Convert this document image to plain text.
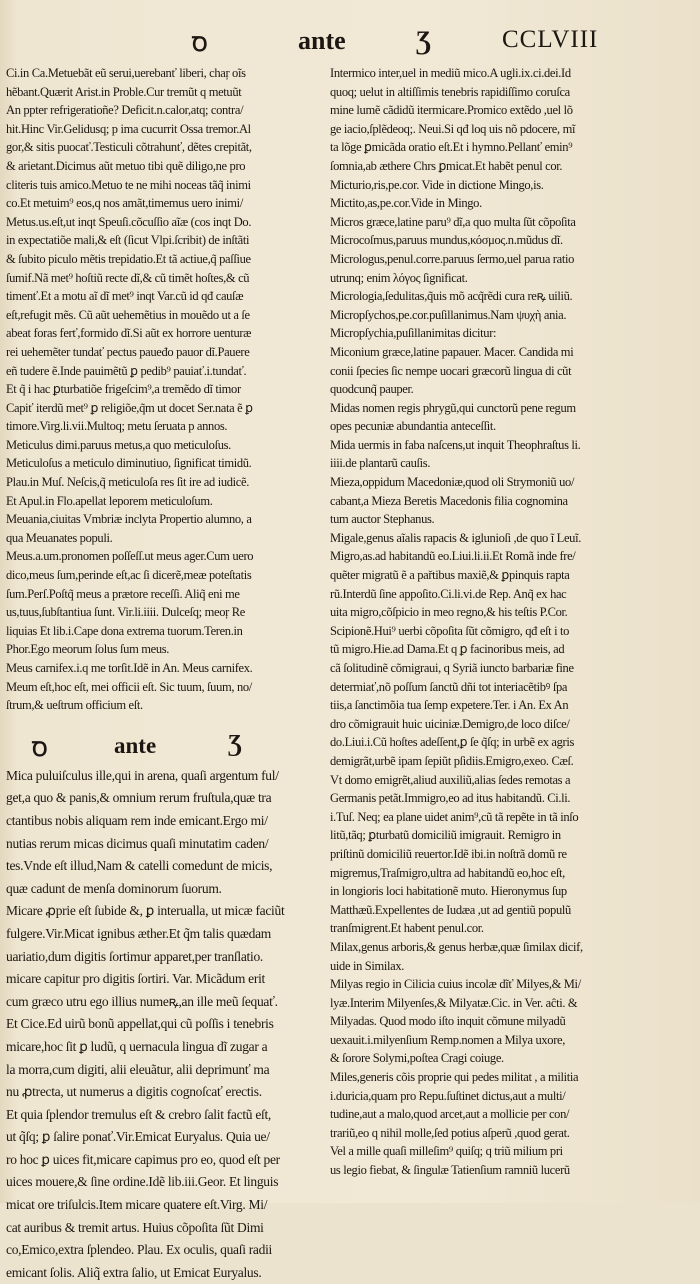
Ꝺ	ante	Ʒ	CCLVIII
Ci.in Ca.Metuebãt eũ serui,uerebanť liberi, chaŗ oĩs
hẽbant.Quærit Arist.in Proble.Cur tremũt q metuũt
An ppter refrigeratioñe? Deficit.n.calor,atq; contra/
hit.Hinc Vir.Gelidusq; p ima cucurrit Ossa tremor.Al
gor,& sitis puocať.Testiculi cõtrahunť, dẽtes crepitãt,
& arietant.Dicimus aũt metuo tibi quẽ diligo,ne pro
cliteris tuis amico.Metuo te ne mihi noceas tãq̃ inimi
co.Et metuim⁹ eos,q nos amãt,timemus uero inimi/
Metus.us.eſt,ut inqt Speuſi.cõcuſſio aĩæ (cos inqt Do.
in expectatiõe mali,& eſt (ſicut Vlpi.ſcribit) de inſtãti
& ſubito piculo mẽtis trepidatio.Et tã actiue,q̃ paſſiue
ſumif.Nã met⁹ hoſtiũ recte dĩ,& cũ timẽt hoſtes,& cũ
timenť.Et a motu aĩ dĩ met⁹ inqt Var.cũ id qđ cauſæ
eſt,refugit mẽs. Cũ aũt uehemẽtius in mouẽdo ut a ſe
abeat foras ferť,formido dĩ.Si aũt ex horrore uenturæ
rei uehemẽter tundať pectus paueđo pauor dĩ.Pauere
eñ tudere ẽ.Inde pauimẽtũ ꝑ pedib⁹ pauiať.i.tundať.
Et q̃ i hac ꝑturbatiõe frigeſcim⁹,a tremẽdo dĩ timor
Capiť iterdũ met⁹ ꝑ religiõe,q̃m ut docet Ser.nata ẽ ꝑ
timore.Virg.li.vii.Multoq; metu ſeruata p annos.
Meticulus dimi.paruus metus,a quo meticuloſus.
Meticuloſus a meticulo diminutiuo, ſignificat timidũ.
Plau.in Muſ. Neſcis,q̃ meticuloſa res ſit ire ad iudicẽ.
Et Apul.in Flo.apellat leporem meticuloſum.
Meuania,ciuitas Vmbriæ inclyta Propertio alumno, a
qua Meuanates populi.
Meus.a.um.pronomen poſſeſſ.ut meus ager.Cum uero
dico,meus ſum,perinde eſt,ac ſi dicerẽ,meæ poteſtatis
ſum.Perſ.Poſtq̃ meus a prætore receſſi. Aliq̃ eni me
us,tuus,ſubſtantiua ſunt. Vir.li.iiii. Dulceſq; meoŗ Re
liquias Et lib.i.Cape dona extrema tuorum.Teren.in
Phor.Ego meorum ſolus ſum meus.
Meus carnifex.i.q me torſit.Idẽ in An. Meus carnifex.
Meum eſt,hoc eſt, mei officii eſt. Sic tuum, ſuum, no/
ſtrum,& ueſtrum officium eſt.
Ꝺ	ante	Ʒ
Mica puluiſculus ille,qui in arena, quaſi argentum ful/
get,a quo & panis,& omnium rerum fruſtula,quæ tra
ctantibus nobis aliquam rem inde emicant.Ergo mi/
nutias rerum micas dicimus quaſi minutatim caden/
tes.Vnde eſt illud,Nam & catelli comedunt de micis,
quæ cadunt de menſa dominorum ſuorum.
Micare ꝓprie eſt ſubide &, ꝑ interualla, ut micæ faciũt
fulgere.Vir.Micat ignibus æther.Et q̃m talis quædam
uariatio,dum digitis ſortimur apparet,per tranſlatio.
micare capitur pro digitis ſortiri. Var. Micãdum erit
cum græco utru ego illius numeꝶ,an ille meũ ſequať.
Et Cice.Ed uirũ bonũ appellat,qui cũ poſſis i tenebris
micare,hoc ſit ꝑ ludũ, q uernacula lingua dĩ zugar a
la morra,cum digiti, alii eleuãtur, alii deprimunť ma
nu ꝓtrecta, ut numerus a digitis cognoſcať erectis.
Et quia ſplendor tremulus eſt & crebro ſalit factũ eſt,
ut q̃ſq; ꝑ ſalire ponať.Vir.Emicat Euryalus. Quia ue/
ro hoc ꝑ uices fit,micare capimus pro eo, quod eſt per
uices mouere,& ſine ordine.Idẽ lib.iii.Geor. Et linguis
micat ore triſulcis.Item micare quatere eſt.Virg. Mi/
cat auribus & tremit artus. Huius cõpoſita ſũt Dimi
co,Emico,extra ſplendeo. Plau. Ex oculis, quaſi radii
emicant ſolis. Aliq̃ extra ſalio, ut Emicat Euryalus.
Intermico inter,uel in mediũ mico.A ugli.ix.ci.dei.Id
quoq; uelut in altiſſimis tenebris rapidiſſimo coruſca
mine lumẽ cãdidũ itermicare.Promico extẽdo ,uel lõ
ge iacio,ſplẽdeoq;. Neui.Si qđ loq uis nõ pdocere, mĩ
ta lõge ꝑmicãda oratio eſt.Et i hymno.Pellanť emin⁹
ſomnia,ab æthere Chrs ꝑmicat.Et habẽt penul cor.
Micturio,ris,pe.cor. Vide in dictione Mingo,is.
Mictito,as,pe.cor.Vide in Mingo.
Micros græce,latine paru⁹ dĩ,a quo multa ſũt cõpoſita
Microcoſmus,paruus mundus,κόσμος.n.mũdus dĩ.
Micrologus,penul.corre.paruus ſermo,uel parua ratio
utrunq; enim λόγος ſignificat.
Micrologia,ſedulitas,q̃uis mõ acq̃rẽdi cura reꝶ uiliũ.
Micropſychos,pe.cor.puſillanimus.Nam ψυχὴ ania.
Micropſychia,puſillanimitas dicitur:
Miconium græce,latine papauer. Macer. Candida mi
conii ſpecies ſic nempe uocari græcorũ lingua di cũt
quodcunq̃ pauper.
Midas nomen regis phrygũ,qui cunctorũ pene regum
opes pecuniæ abundantia anteceſſit.
Mida uermis in faba naſcens,ut inquit Theophraſtus li.
iiii.de plantarũ cauſis.
Mieza,oppidum Macedoniæ,quod oli Strymoniũ uo/
cabant,a Mieza Beretis Macedonis filia cognomina
tum auctor Stephanus.
Migale,genus aĩalis rapacis & iglunioſi ,de quo ĩ Leuĩ.
Migro,as.ad habitandũ eo.Liui.li.ii.Et Romã inde fre/
quẽter migratũ ẽ a pařtibus maxiẽ,& ꝑpinquis rapta
rũ.Interdũ ſine appoſito.Ci.li.vi.de Rep. Anq̃ ex hac
uita migro,cõſpicio in meo regno,& his teſtis P.Cor.
Scipionẽ.Hui⁹ uerbi cõpoſita ſũt cõmigro, qđ eſt i to
tũ migro.Hie.ad Dama.Et q ꝑ facinoribus meis, ad
cã ſolitudinẽ cõmigraui, q Syriã iuncto barbariæ fine
determiať,nõ poſſum ſanctũ dñi tot interiacẽtibꝰ ſpa
tiis,a ſanctimõia tua ſemp expetere.Ter. i An. Ex An
dro cõmigrauit huic uiciniæ.Demigro,de loco diſce/
do.Liui.i.Cũ hoſtes adeſſent,ꝑ ſe q̃ſq; in urbẽ ex agris
demigrãt,urbẽ ipam ſepiũt pſidiis.Emigro,exeo. Cæſ.
Vt domo emigrẽt,aliud auxiliũ,alias ſedes remotas a
Germanis petãt.Immigro,eo ad itus habitandũ. Ci.li.
i.Tuſ. Neq; ea plane uidet anim⁹,cũ tã repẽte in tã inſo
litũ,tãq; ꝑturbatũ domiciliũ imigrauit. Remigro in
priſtinũ domiciliũ reuertor.Idẽ ibi.in noſtrã domũ re
migremus,Traſmigro,ultra ad habitandũ eo,hoc eſt,
in longioris loci habitationẽ muto. Hieronymus ſup
Matthæũ.Expellentes de Iudæa ,ut ad gentiũ populũ
tranſmigrent.Et habent penul.cor.
Milax,genus arboris,& genus herbæ,quæ ſimilax dicif,
uide in Similax.
Milyas regio in Cilicia cuius incolæ dĩť Milyes,& Mi/
lyæ.Interim Milyenſes,& Milyatæ.Cic. in Ver. aĉti. &
Milyadas. Quod modo iſto inquit cõmune milyadũ
uexauit.i.milyenſium Remp.nomen a Milya uxore,
& ſorore Solymi,poſtea Cragi coiuge.
Miles,generis cõis proprie qui pedes militat , a militia
i.duricia,quam pro Repu.ſuſtinet dictus,aut a multi/
tudine,aut a malo,quod arcet,aut a mollicie per con/
trariũ,eo q nihil molle,ſed potius aſperũ ,quod gerat.
Vel a mille quaſi milleſim⁹ quiſq; q triũ milium pri
us legio fiebat, & ſingulæ Tatienſium ramniũ lucerũ
